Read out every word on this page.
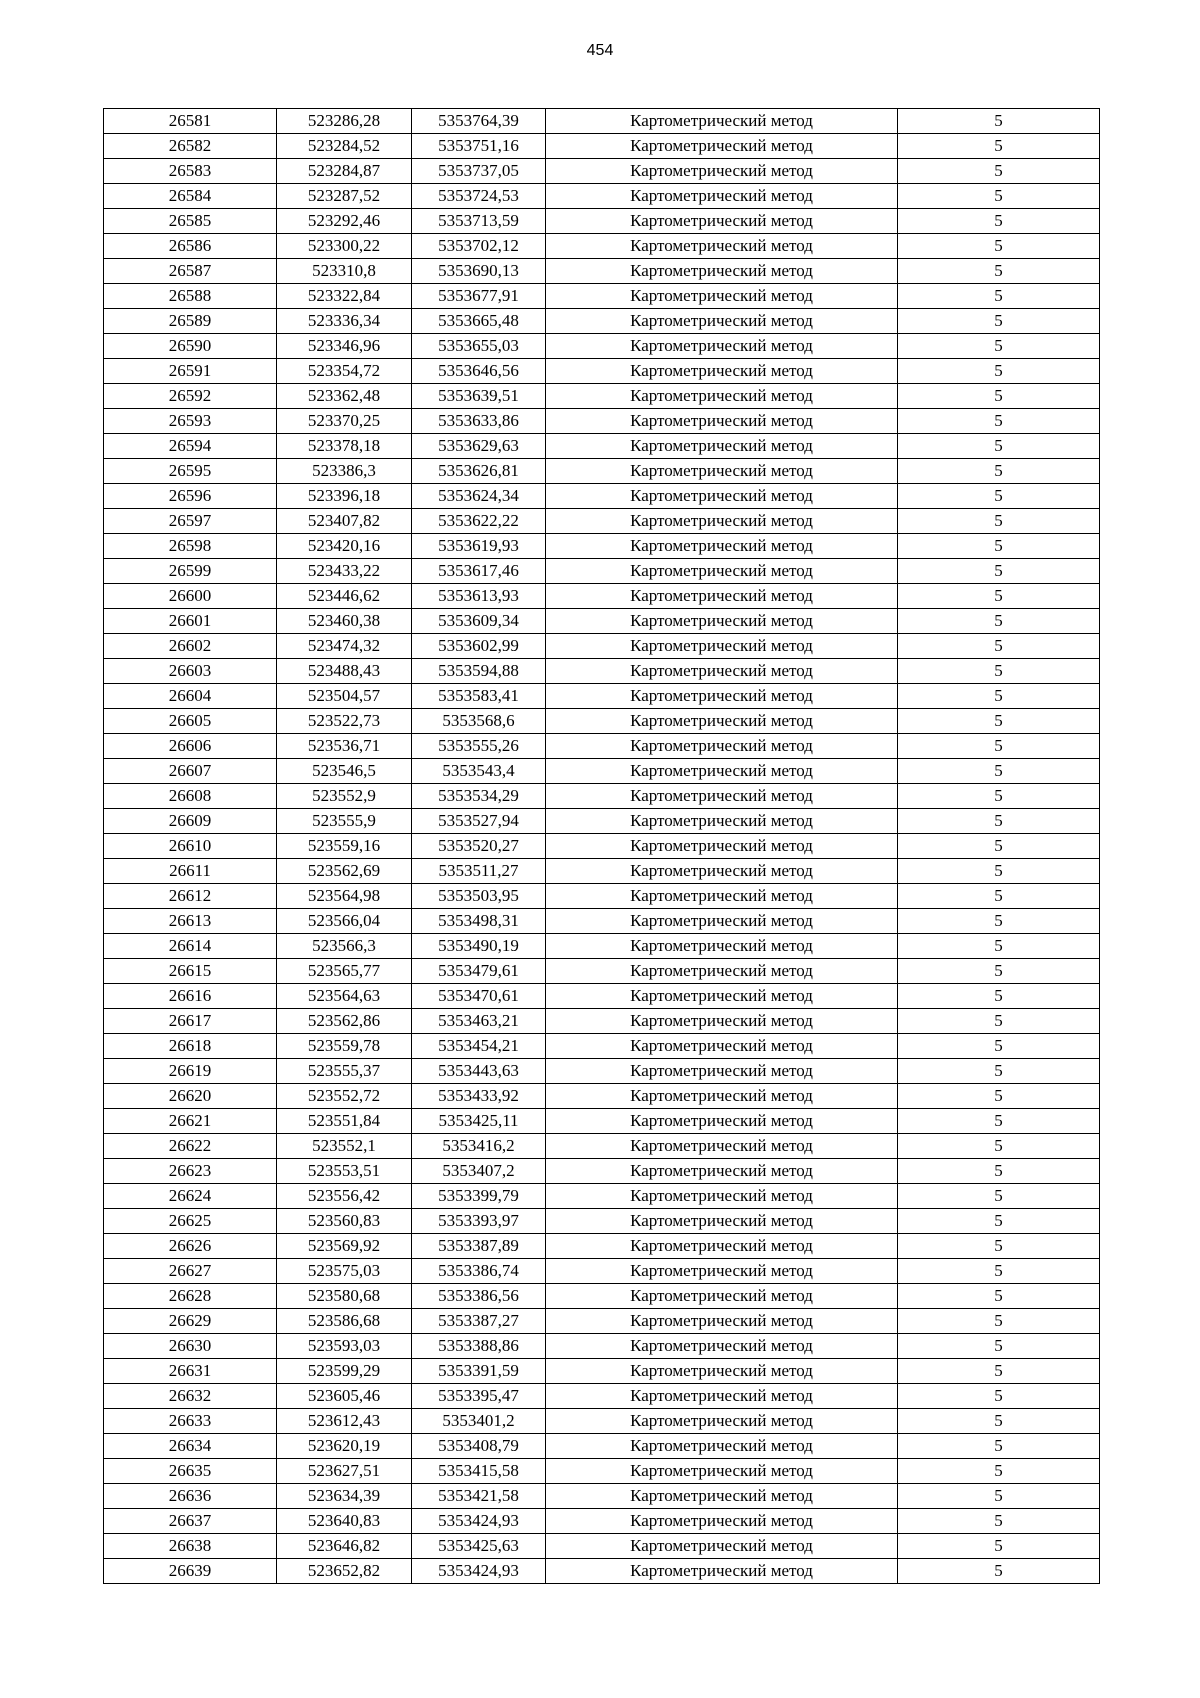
454
26581	523286,28	5353764,39	Картометрический метод	5
26582	523284,52	5353751,16	Картометрический метод	5
26583	523284,87	5353737,05	Картометрический метод	5
26584	523287,52	5353724,53	Картометрический метод	5
26585	523292,46	5353713,59	Картометрический метод	5
26586	523300,22	5353702,12	Картометрический метод	5
26587	523310,8	5353690,13	Картометрический метод	5
26588	523322,84	5353677,91	Картометрический метод	5
26589	523336,34	5353665,48	Картометрический метод	5
26590	523346,96	5353655,03	Картометрический метод	5
26591	523354,72	5353646,56	Картометрический метод	5
26592	523362,48	5353639,51	Картометрический метод	5
26593	523370,25	5353633,86	Картометрический метод	5
26594	523378,18	5353629,63	Картометрический метод	5
26595	523386,3	5353626,81	Картометрический метод	5
26596	523396,18	5353624,34	Картометрический метод	5
26597	523407,82	5353622,22	Картометрический метод	5
26598	523420,16	5353619,93	Картометрический метод	5
26599	523433,22	5353617,46	Картометрический метод	5
26600	523446,62	5353613,93	Картометрический метод	5
26601	523460,38	5353609,34	Картометрический метод	5
26602	523474,32	5353602,99	Картометрический метод	5
26603	523488,43	5353594,88	Картометрический метод	5
26604	523504,57	5353583,41	Картометрический метод	5
26605	523522,73	5353568,6	Картометрический метод	5
26606	523536,71	5353555,26	Картометрический метод	5
26607	523546,5	5353543,4	Картометрический метод	5
26608	523552,9	5353534,29	Картометрический метод	5
26609	523555,9	5353527,94	Картометрический метод	5
26610	523559,16	5353520,27	Картометрический метод	5
26611	523562,69	5353511,27	Картометрический метод	5
26612	523564,98	5353503,95	Картометрический метод	5
26613	523566,04	5353498,31	Картометрический метод	5
26614	523566,3	5353490,19	Картометрический метод	5
26615	523565,77	5353479,61	Картометрический метод	5
26616	523564,63	5353470,61	Картометрический метод	5
26617	523562,86	5353463,21	Картометрический метод	5
26618	523559,78	5353454,21	Картометрический метод	5
26619	523555,37	5353443,63	Картометрический метод	5
26620	523552,72	5353433,92	Картометрический метод	5
26621	523551,84	5353425,11	Картометрический метод	5
26622	523552,1	5353416,2	Картометрический метод	5
26623	523553,51	5353407,2	Картометрический метод	5
26624	523556,42	5353399,79	Картометрический метод	5
26625	523560,83	5353393,97	Картометрический метод	5
26626	523569,92	5353387,89	Картометрический метод	5
26627	523575,03	5353386,74	Картометрический метод	5
26628	523580,68	5353386,56	Картометрический метод	5
26629	523586,68	5353387,27	Картометрический метод	5
26630	523593,03	5353388,86	Картометрический метод	5
26631	523599,29	5353391,59	Картометрический метод	5
26632	523605,46	5353395,47	Картометрический метод	5
26633	523612,43	5353401,2	Картометрический метод	5
26634	523620,19	5353408,79	Картометрический метод	5
26635	523627,51	5353415,58	Картометрический метод	5
26636	523634,39	5353421,58	Картометрический метод	5
26637	523640,83	5353424,93	Картометрический метод	5
26638	523646,82	5353425,63	Картометрический метод	5
26639	523652,82	5353424,93	Картометрический метод	5
